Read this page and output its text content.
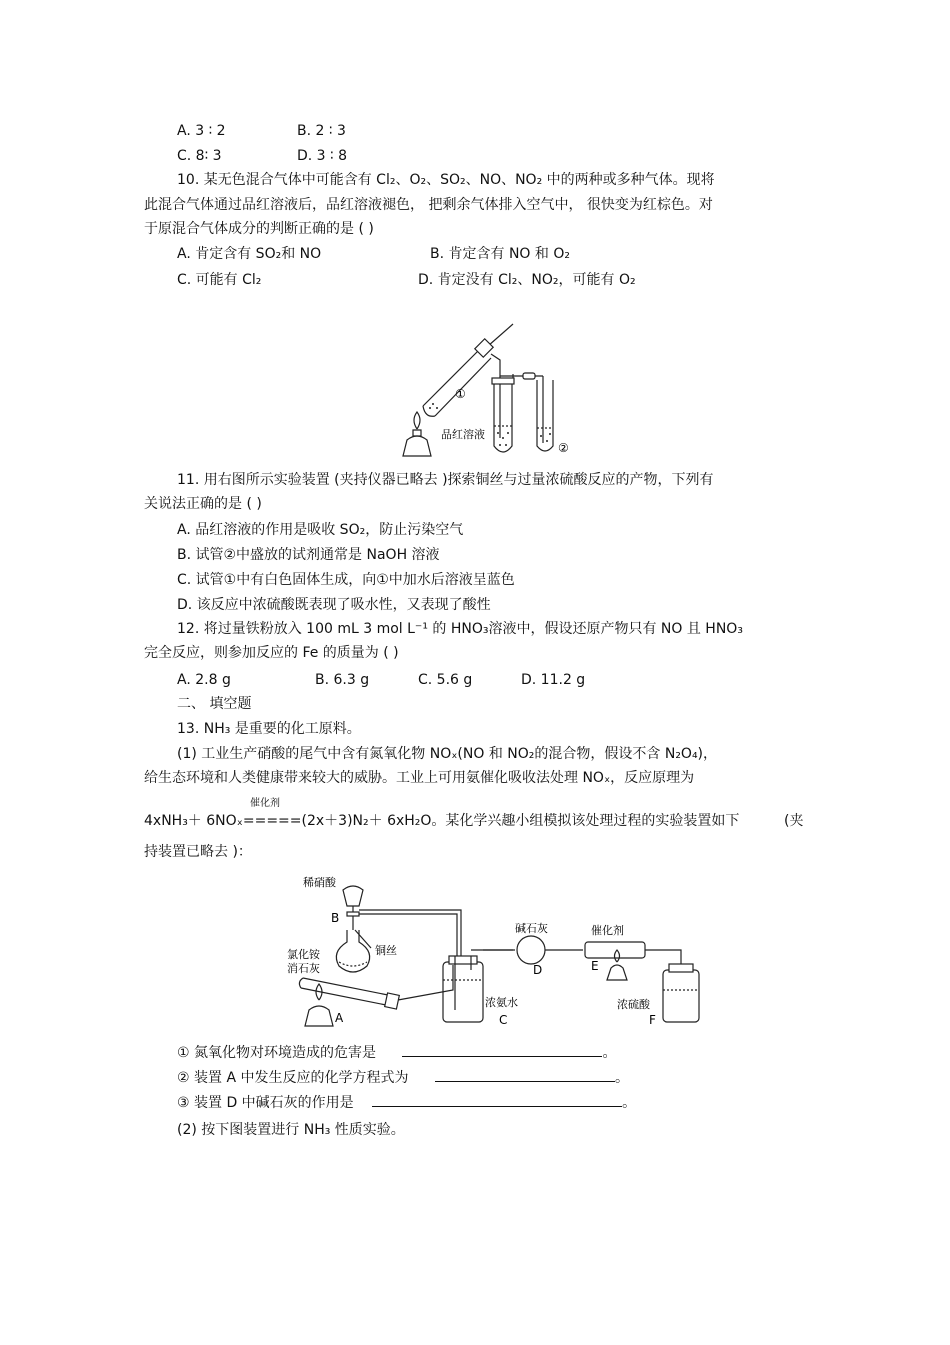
A. 3 ∶ 2	B. 2 ∶ 3
C. 8∶ 3	D. 3 ∶ 8
10. 某无色混合气体中可能含有 Cl₂、O₂、SO₂、NO、NO₂ 中的两种或多种气体。现将
此混合气体通过品红溶液后，品红溶液褪色， 把剩余气体排入空气中， 很快变为红棕色。对
于原混合气体成分的判断正确的是 ( )
A. 肯定含有 SO₂和 NO	B. 肯定含有 NO 和 O₂
C. 可能有 Cl₂	D. 肯定没有 Cl₂、NO₂，可能有 O₂
①
②
品红溶液
11. 用右图所示实验装置 (夹持仪器已略去 )探索铜丝与过量浓硫酸反应的产物，下列有
关说法正确的是 ( )
A. 品红溶液的作用是吸收 SO₂，防止污染空气
B. 试管②中盛放的试剂通常是 NaOH 溶液
C. 试管①中有白色固体生成，向①中加水后溶液呈蓝色
D. 该反应中浓硫酸既表现了吸水性，又表现了酸性
12. 将过量铁粉放入 100 mL 3 mol L⁻¹ 的 HNO₃溶液中，假设还原产物只有 NO 且 HNO₃
完全反应，则参加反应的 Fe 的质量为 ( )
A. 2.8 g	B. 6.3 g	C. 5.6 g	D. 11.2 g
二、 填空题
13. NH₃ 是重要的化工原料。
(1) 工业生产硝酸的尾气中含有氮氧化物 NOₓ(NO 和 NO₂的混合物，假设不含 N₂O₄)，
给生态环境和人类健康带来较大的威胁。工业上可用氨催化吸收法处理 NOₓ，反应原理为
催化剂
4xNH₃＋ 6NOₓ=====(2x＋3)N₂＋ 6xH₂O。某化学兴趣小组模拟该处理过程的实验装置如下	(夹
持装置已略去 )：
稀硝酸
B
铜丝
氯化铵
消石灰
A
浓氨水
C
碱石灰
D
催化剂
E
浓硫酸
F
① 氮氧化物对环境造成的危害是	。
② 装置 A 中发生反应的化学方程式为	。
③ 装置 D 中碱石灰的作用是	。
(2) 按下图装置进行 NH₃ 性质实验。
